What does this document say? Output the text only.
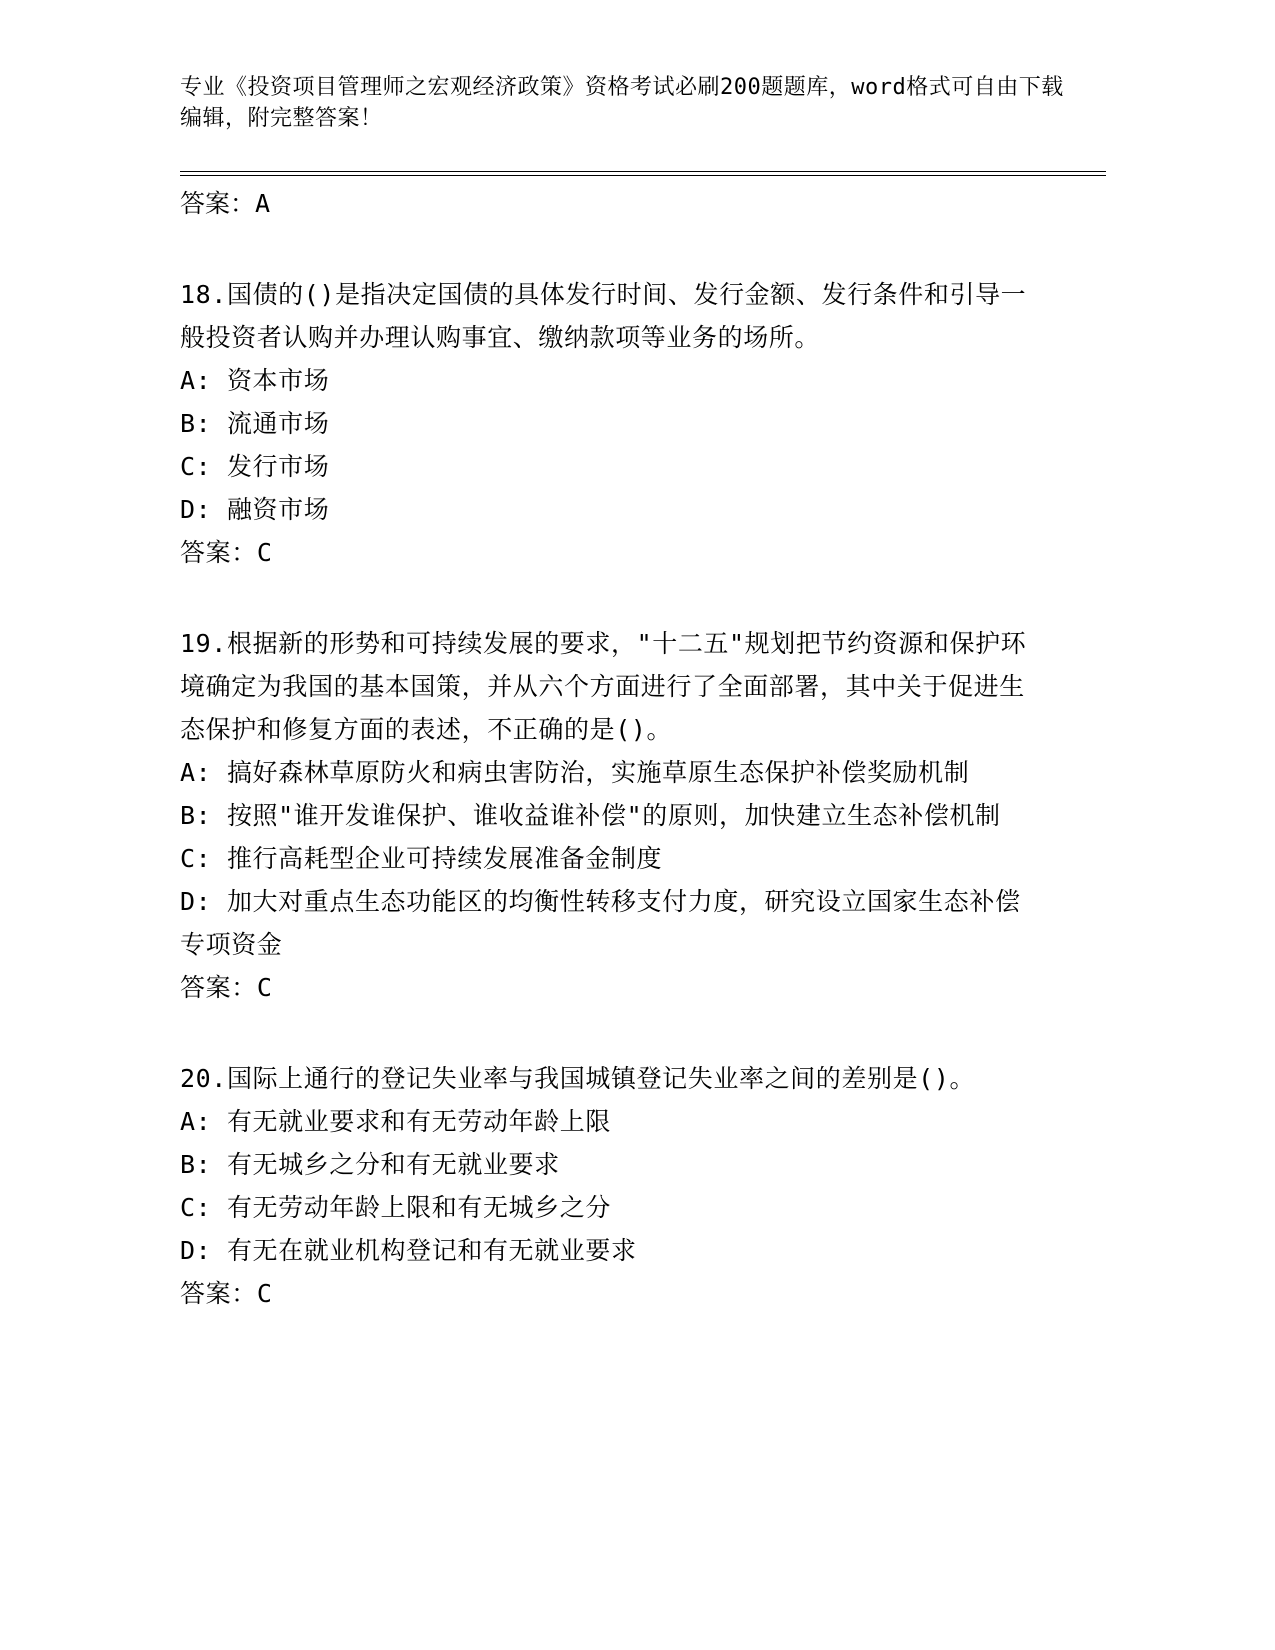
专业《投资项目管理师之宏观经济政策》资格考试必刷200题题库，word格式可自由下载编辑，附完整答案！
答案：A

18.国债的()是指决定国债的具体发行时间、发行金额、发行条件和引导一般投资者认购并办理认购事宜、缴纳款项等业务的场所。

A: 资本市场

B: 流通市场

C: 发行市场

D: 融资市场

答案：C

19.根据新的形势和可持续发展的要求，"十二五"规划把节约资源和保护环境确定为我国的基本国策，并从六个方面进行了全面部署，其中关于促进生态保护和修复方面的表述，不正确的是()。

A: 搞好森林草原防火和病虫害防治，实施草原生态保护补偿奖励机制

B: 按照"谁开发谁保护、谁收益谁补偿"的原则，加快建立生态补偿机制

C: 推行高耗型企业可持续发展准备金制度

D: 加大对重点生态功能区的均衡性转移支付力度，研究设立国家生态补偿专项资金

答案：C

20.国际上通行的登记失业率与我国城镇登记失业率之间的差别是()。

A: 有无就业要求和有无劳动年龄上限

B: 有无城乡之分和有无就业要求

C: 有无劳动年龄上限和有无城乡之分

D: 有无在就业机构登记和有无就业要求

答案：C
